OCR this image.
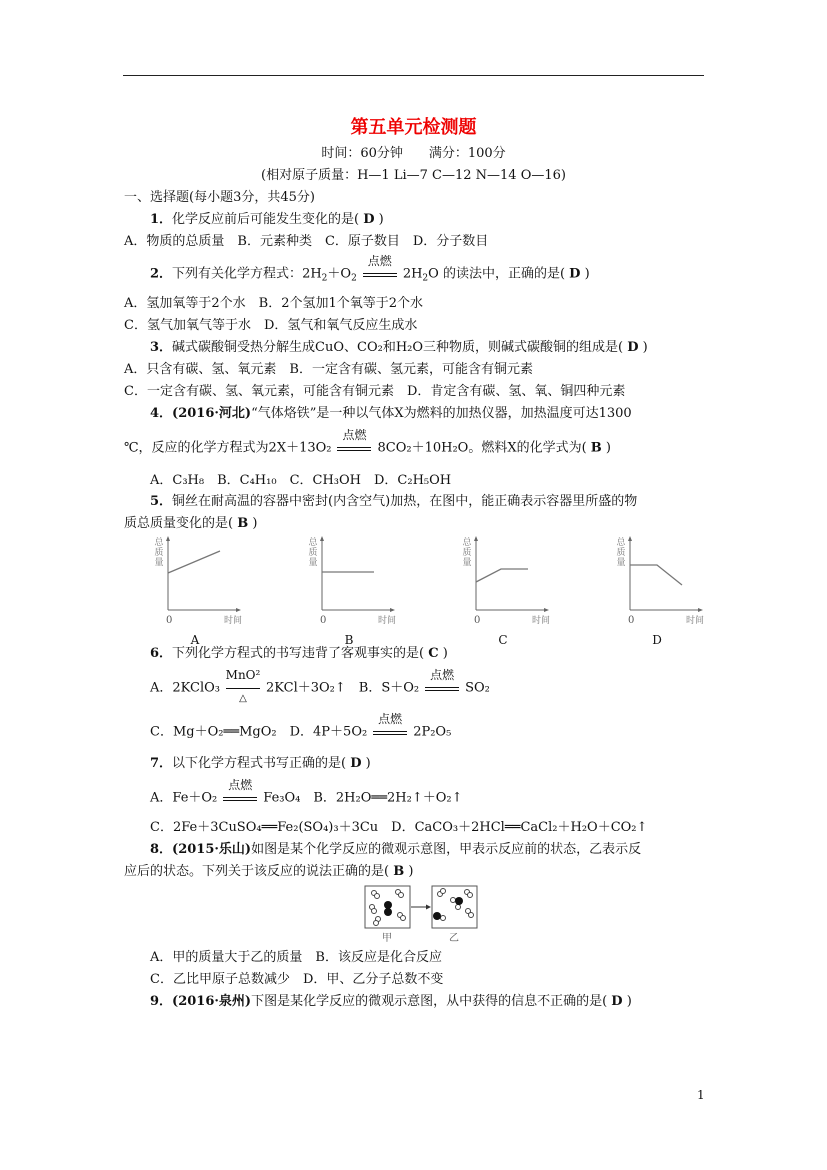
第五单元检测题
时间：60分钟　　满分：100分
(相对原子质量：H—1 Li—7 C—12 N—14 O—16)
一、选择题(每小题3分，共45分)
1．化学反应前后可能发生变化的是( D )
A．物质的总质量　B．元素种类　C．原子数目　D．分子数目
2．下列有关化学方程式：$2H_2+O_2$
点燃
$2H_2O$ 的读法中，正确的是( D )
A．氢加氧等于2个水　B．2个氢加1个氧等于2个水
C．氢气加氧气等于水　D．氢气和氧气反应生成水
3．碱式碳酸铜受热分解生成CuO、CO₂和H₂O三种物质，则碱式碳酸铜的组成是( D )
A．只含有碳、氢、氧元素　B．一定含有碳、氢元素，可能含有铜元素
C．一定含有碳、氢、氧元素，可能含有铜元素　D．肯定含有碳、氢、氧、铜四种元素
4．(2016·河北)“气体烙铁”是一种以气体X为燃料的加热仪器，加热温度可达1300
℃，反应的化学方程式为2X＋13O₂
点燃
8CO₂＋10H₂O。燃料X的化学式为( B )
A．C₃H₈　B．C₄H₁₀　C．CH₃OH　D．C₂H₅OH
5．铜丝在耐高温的容器中密封(内含空气)加热，在图中，能正确表示容器里所盛的物
质总质量变化的是( B )
总
质
量
0	时间
A
总
质
量
0	时间
B
总
质
量
0	时间
C
总
质
量
0	时间
D
6．下列化学方程式的书写违背了客观事实的是( C )
A．2KClO₃
MnO²
△
2KCl＋3O₂↑　B．S＋O₂
点燃
SO₂
C．Mg＋O₂══MgO₂　D．4P＋5O₂
点燃
2P₂O₅
7．以下化学方程式书写正确的是( D )
A．Fe＋O₂
点燃
Fe₃O₄　B．2H₂O══2H₂↑＋O₂↑
C．2Fe＋3CuSO₄══Fe₂(SO₄)₃＋3Cu　D．CaCO₃＋2HCl══CaCl₂＋H₂O＋CO₂↑
8．(2015·乐山)如图是某个化学反应的微观示意图，甲表示反应前的状态，乙表示反
应后的状态。下列关于该反应的说法正确的是( B )
甲	乙
A．甲的质量大于乙的质量　B．该反应是化合反应
C．乙比甲原子总数减少　D．甲、乙分子总数不变
9．(2016·泉州)下图是某化学反应的微观示意图，从中获得的信息不正确的是( D )
1
